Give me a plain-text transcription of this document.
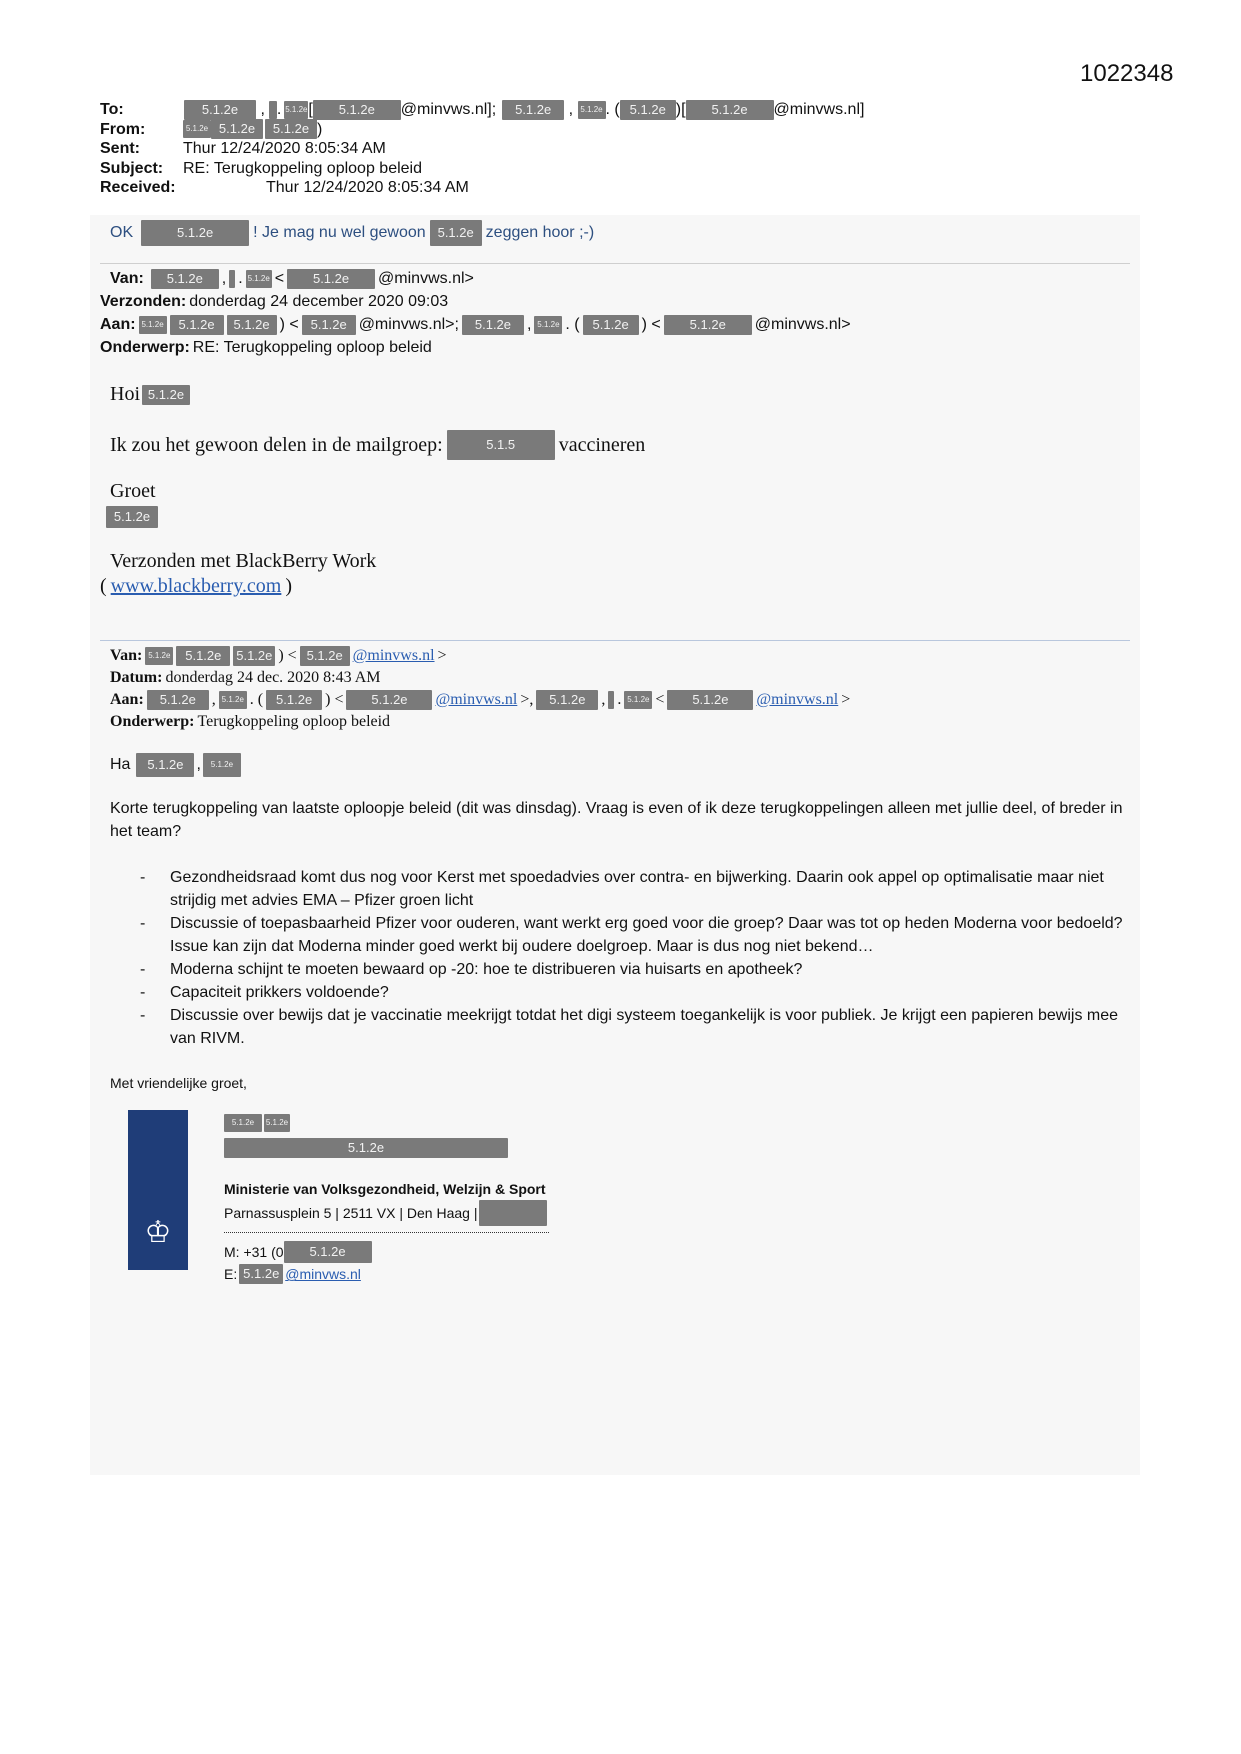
1022348
To:	5.1.2e	, . 5.1.2e [	5.1.2e	@minvws.nl];	5.1.2e , 5.1.2e . ( 5.1.2e )[	5.1.2e	@minvws.nl]
From:	5.1.2e 5.1.2e	5.1.2e )
Sent:	Thur 12/24/2020 8:05:34 AM
Subject:	RE: Terugkoppeling oploop beleid
Received:	Thur 12/24/2020 8:05:34 AM
OK	5.1.2e	! Je mag nu wel gewoon 5.1.2e zeggen hoor ;-)
Van:	5.1.2e	, . 5.1.2e <	5.1.2e	@minvws.nl>
Verzonden: donderdag 24 december 2020 09:03
Aan: 5.1.2e	5.1.2e	5.1.2e ) < 5.1.2e @minvws.nl>;	5.1.2e , 5.1.2e . ( 5.1.2e ) <	5.1.2e	@minvws.nl>
Onderwerp: RE: Terugkoppeling oploop beleid
Hoi 5.1.2e
Ik zou het gewoon delen in de mailgroep:	5.1.5	vaccineren
Groet
5.1.2e
Verzonden met BlackBerry Work
( www.blackberry.com )
Van: 5.1.2e	5.1.2e	5.1.2e ) < 5.1.2e @minvws.nl >
Datum: donderdag 24 dec. 2020 8:43 AM
Aan:	5.1.2e , 5.1.2e . ( 5.1.2e ) <	5.1.2e	@minvws.nl >,	5.1.2e , . 5.1.2e <	5.1.2e	@minvws.nl >
Onderwerp: Terugkoppeling oploop beleid
Ha	5.1.2e ,	5.1.2e
Korte terugkoppeling van laatste oploopje beleid (dit was dinsdag). Vraag is even of ik deze terugkoppelingen alleen met jullie deel, of breder in het team?
-	Gezondheidsraad komt dus nog voor Kerst met spoedadvies over contra- en bijwerking. Daarin ook appel op optimalisatie maar niet strijdig met advies EMA – Pfizer groen licht
-	Discussie of toepasbaarheid Pfizer voor ouderen, want werkt erg goed voor die groep? Daar was tot op heden Moderna voor bedoeld? Issue kan zijn dat Moderna minder goed werkt bij oudere doelgroep. Maar is dus nog niet bekend…
-	Moderna schijnt te moeten bewaard op -20: hoe te distribueren via huisarts en apotheek?
-	Capaciteit prikkers voldoende?
-	Discussie over bewijs dat je vaccinatie meekrijgt totdat het digi systeem toegankelijk is voor publiek. Je krijgt een papieren bewijs mee van RIVM.
Met vriendelijke groet,
♔
5.1.2e	5.1.2e
5.1.2e
Ministerie van Volksgezondheid, Welzijn & Sport
Parnassusplein 5 | 2511 VX | Den Haag |
M: +31 (0	5.1.2e
E: 5.1.2e @minvws.nl
